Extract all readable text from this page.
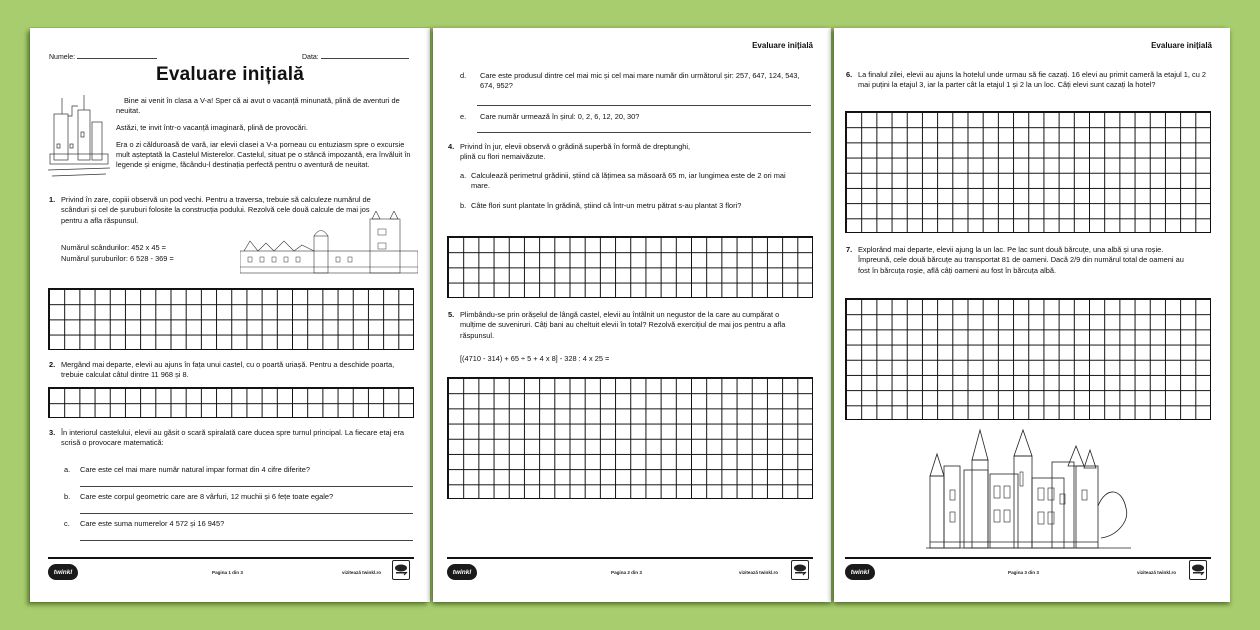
Numele:	Data:
Evaluare inițială
Bine ai venit în clasa a V-a! Sper că ai avut o vacanță minunată, plină de aventuri de neuitat.
Astăzi, te invit într-o vacanță imaginară, plină de provocări.
Era o zi călduroasă de vară, iar elevii clasei a V-a porneau cu entuziasm spre o excursie mult așteptată la Castelul Misterelor. Castelul, situat pe o stâncă impozantă, era învăluit în legende și enigme, făcându-l destinația perfectă pentru o aventură de neuitat.
1. Privind în zare, copiii observă un pod vechi. Pentru a traversa, trebuie să calculeze numărul de scânduri și cel de șuruburi folosite la construcția podului. Rezolvă cele două calcule de mai jos pentru a afla răspunsul.
Numărul scândurilor: 452 x 45 =
Numărul șuruburilor: 6 528 - 369 =
2. Mergând mai departe, elevii au ajuns în fața unui castel, cu o poartă uriașă. Pentru a deschide poarta, trebuie calculat câtul dintre 11 968 și 8.
3. În interiorul castelului, elevii au găsit o scară spiralată care ducea spre turnul principal. La fiecare etaj era scrisă o provocare matematică:
a.	Care este cel mai mare număr natural impar format din 4 cifre diferite?
b.	Care este corpul geometric care are 8 vârfuri, 12 muchii și 6 fețe toate egale?
c.	Care este suma numerelor 4 572 și 16 945?
twinkl	Pagina 1 din 3	vizitează twinkl.ro
Evaluare inițială
d.	Care este produsul dintre cel mai mic și cel mai mare număr din următorul șir: 257, 647, 124, 543, 674, 952?
e.	Care număr urmează în șirul: 0, 2, 6, 12, 20, 30?
4. Privind în jur, elevii observă o grădină superbă în formă de dreptunghi, plină cu flori nemaivăzute.
a. Calculează perimetrul grădinii, știind că lățimea sa măsoară 65 m, iar lungimea este de 2 ori mai mare.
b. Câte flori sunt plantate în grădină, știind că într-un metru pătrat s-au plantat 3 flori?
5. Plimbându-se prin orășelul de lângă castel, elevii au întâlnit un negustor de la care au cumpărat o mulțime de suveniruri. Câți bani au cheltuit elevii în total? Rezolvă exercițiul de mai jos pentru a afla răspunsul.
[(4710 - 314) + 65 ÷ 5 + 4 x 8] - 328 : 4 x 25 =
twinkl	Pagina 2 din 3	vizitează twinkl.ro
Evaluare inițială
6. La finalul zilei, elevii au ajuns la hotelul unde urmau să fie cazați. 16 elevi au primit cameră la etajul 1, cu 2 mai puțini la etajul 3, iar la parter cât la etajul 1 și 2 la un loc. Câți elevi sunt cazați la hotel?
7. Explorând mai departe, elevii ajung la un lac. Pe lac sunt două bărcuțe, una albă și una roșie. Împreună, cele două bărcuțe au transportat 81 de oameni. Dacă 2/9 din numărul total de oameni au fost în bărcuța roșie, află câți oameni au fost în bărcuța albă.
twinkl	Pagina 3 din 3	vizitează twinkl.ro
